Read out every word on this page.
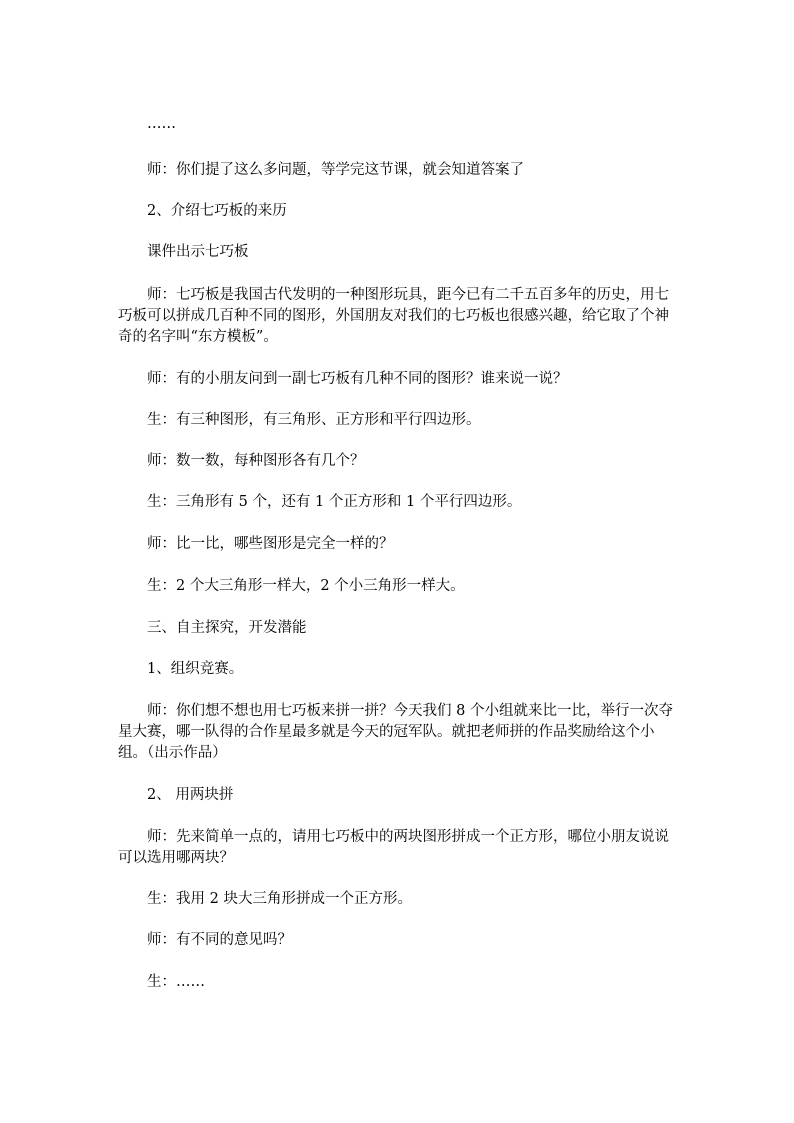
……

师：你们提了这么多问题，等学完这节课，就会知道答案了

2、介绍七巧板的来历

课件出示七巧板

师：七巧板是我国古代发明的一种图形玩具，距今已有二千五百多年的历史，用七巧板可以拼成几百种不同的图形，外国朋友对我们的七巧板也很感兴趣，给它取了个神奇的名字叫“东方模板”。

师：有的小朋友问到一副七巧板有几种不同的图形？谁来说一说？

生：有三种图形，有三角形、正方形和平行四边形。

师：数一数，每种图形各有几个？

生：三角形有 5 个，还有 1 个正方形和 1 个平行四边形。

师：比一比，哪些图形是完全一样的？

生：2 个大三角形一样大，2 个小三角形一样大。

三、自主探究，开发潜能

1、组织竞赛。

师：你们想不想也用七巧板来拼一拼？今天我们 8 个小组就来比一比，举行一次夺星大赛，哪一队得的合作星最多就是今天的冠军队。就把老师拼的作品奖励给这个小组。（出示作品）

2、 用两块拼

师：先来简单一点的，请用七巧板中的两块图形拼成一个正方形，哪位小朋友说说可以选用哪两块？

生：我用 2 块大三角形拼成一个正方形。

师：有不同的意见吗？

生：……
